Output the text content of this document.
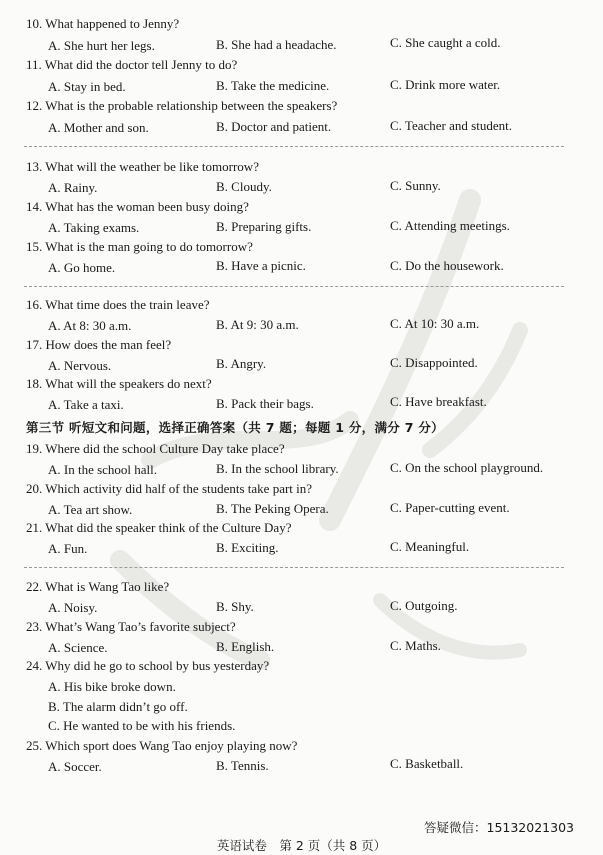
10. What happened to Jenny?
A. She hurt her legs.	B. She had a headache.	C. She caught a cold.
11. What did the doctor tell Jenny to do?
A. Stay in bed.	B. Take the medicine.	C. Drink more water.
12. What is the probable relationship between the speakers?
A. Mother and son.	B. Doctor and patient.	C. Teacher and student.
13. What will the weather be like tomorrow?
A. Rainy.	B. Cloudy.	C. Sunny.
14. What has the woman been busy doing?
A. Taking exams.	B. Preparing gifts.	C. Attending meetings.
15. What is the man going to do tomorrow?
A. Go home.	B. Have a picnic.	C. Do the housework.
16. What time does the train leave?
A. At 8: 30 a.m.	B. At 9: 30 a.m.	C. At 10: 30 a.m.
17. How does the man feel?
A. Nervous.	B. Angry.	C. Disappointed.
18. What will the speakers do next?
A. Take a taxi.	B. Pack their bags.	C. Have breakfast.
第三节 听短文和问题，选择正确答案（共 7 题；每题 1 分，满分 7 分）
19. Where did the school Culture Day take place?
A. In the school hall.	B. In the school library.	C. On the school playground.
20. Which activity did half of the students take part in?
A. Tea art show.	B. The Peking Opera.	C. Paper-cutting event.
21. What did the speaker think of the Culture Day?
A. Fun.	B. Exciting.	C. Meaningful.
22. What is Wang Tao like?
A. Noisy.	B. Shy.	C. Outgoing.
23. What’s Wang Tao’s favorite subject?
A. Science.	B. English.	C. Maths.
24. Why did he go to school by bus yesterday?
A. His bike broke down.
B. The alarm didn’t go off.
C. He wanted to be with his friends.
25. Which sport does Wang Tao enjoy playing now?
A. Soccer.	B. Tennis.	C. Basketball.
答疑微信：15132021303
英语试卷　第 2 页（共 8 页）
